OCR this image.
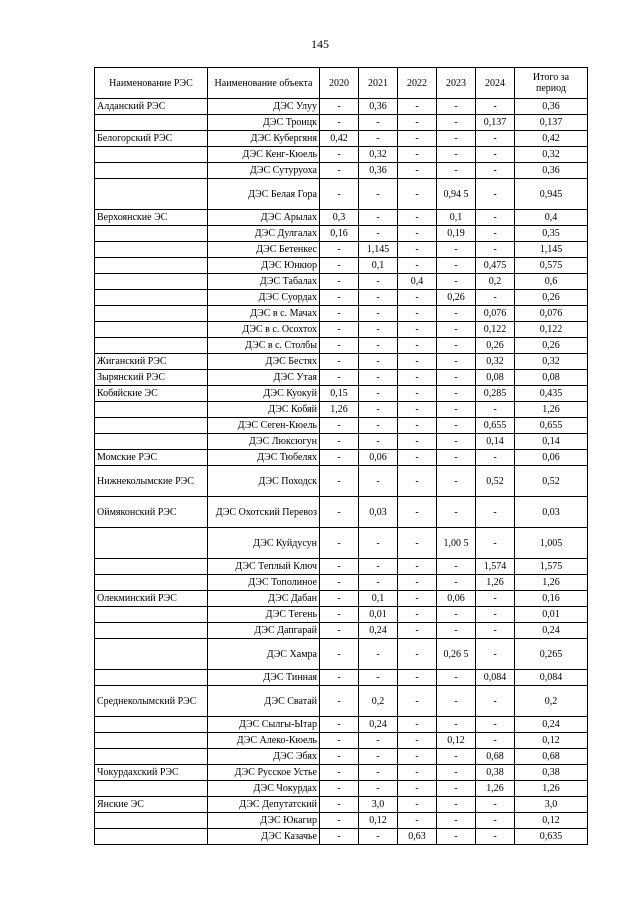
145
Наименование РЭС	Наименование объекта	2020	2021	2022	2023	2024	Итого за период
Алданский РЭС	ДЭС Улуу	-	0,36	-	-	-	0,36
	ДЭС Троицк	-	-	-	-	0,137	0,137
Белогорский РЭС	ДЭС Кубергяня	0,42	-	-	-	-	0,42
	ДЭС Кенг-Кюель	-	0,32	-	-	-	0,32
	ДЭС Сутуруоха	-	0,36	-	-	-	0,36
	ДЭС Белая Гора	-	-	-	0,94 5	-	0,945
Верхоянские ЭС	ДЭС Арылах	0,3	-	-	0,1	-	0,4
	ДЭС Дулгалах	0,16	-	-	0,19	-	0,35
	ДЭС Бетенкес	-	1,145	-	-	-	1,145
	ДЭС Юнкюр	-	0,1	-	-	0,475	0,575
	ДЭС Табалах	-	-	0,4	-	0,2	0,6
	ДЭС Суордах	-	-	-	0,26	-	0,26
	ДЭС в с. Мачах	-	-	-	-	0,076	0,076
	ДЭС в с. Осохтох	-	-	-	-	0,122	0,122
	ДЭС в с. Столбы	-	-	-	-	0,26	0,26
Жиганский РЭС	ДЭС Бестях	-	-	-	-	0,32	0,32
Зырянский РЭС	ДЭС Утая	-	-	-	-	0,08	0,08
Кобяйские ЭС	ДЭС Куокуй	0,15	-	-	-	0,285	0,435
	ДЭС Кобяй	1,26	-	-	-	-	1,26
	ДЭС Сеген-Кюель	-	-	-	-	0,655	0,655
	ДЭС Люксюгун	-	-	-	-	0,14	0,14
Момские РЭС	ДЭС Тюбелях	-	0,06	-	-	-	0,06
Нижнеколымские РЭС	ДЭС Походск	-	-	-	-	0,52	0,52
Оймяконский РЭС	ДЭС Охотский Перевоз	-	0,03	-	-	-	0,03
	ДЭС Куйдусун	-	-	-	1,00 5	-	1,005
	ДЭС Теплый Ключ	-	-	-	-	1,574	1,575
	ДЭС Тополиное	-	-	-	-	1,26	1,26
Олекминский РЭС	ДЭС Дабан	-	0,1	-	0,06	-	0,16
	ДЭС Тегень	-	0,01	-	-	-	0,01
	ДЭС Дапгарай	-	0,24	-	-	-	0,24
	ДЭС Хамра	-	-	-	0,26 5	-	0,265
	ДЭС Тинная	-	-	-	-	0,084	0,084
Среднеколымский РЭС	ДЭС Сватай	-	0,2	-	-	-	0,2
	ДЭС Сылгы-Ытар	-	0,24	-	-	-	0,24
	ДЭС Алеко-Кюель	-	-	-	0,12	-	0,12
	ДЭС Эбях	-	-	-	-	0,68	0,68
Чокурдахский РЭС	ДЭС Русское Устье	-	-	-	-	0,38	0,38
	ДЭС Чокурдах	-	-	-	-	1,26	1,26
Янские ЭС	ДЭС Депутатский	-	3,0	-	-	-	3,0
	ДЭС Юкагир	-	0,12	-	-	-	0,12
	ДЭС Казачье	-	-	0,63	-	-	0,635
